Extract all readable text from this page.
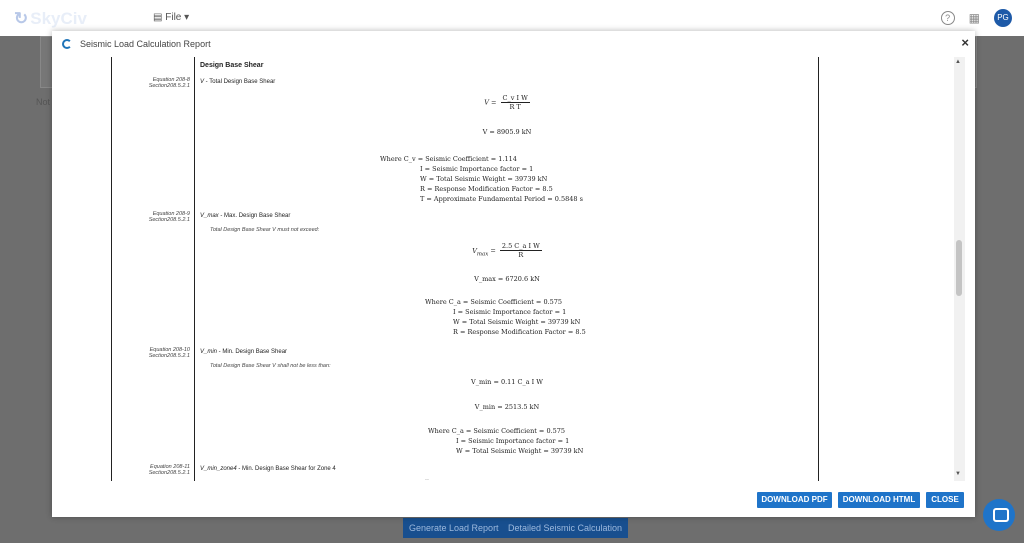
↻ SkyCiv	▤ File ▾	?	▦	PG
Not
Generate Load Report	Detailed Seismic Calculation
Seismic Load Calculation Report	×
Design Base Shear
Equation 208-8
Section208.5.2.1
V - Total Design Base Shear
$V = \frac{\text{C\_v I W}}{\text{R T}}$
V = 8905.9 kN
Where C_v = Seismic Coefficient = 1.114
I = Seismic Importance factor = 1
W = Total Seismic Weight = 39739 kN
R = Response Modification Factor = 8.5
T = Approximate Fundamental Period = 0.5848 s
Equation 208-9
Section208.5.2.1
V_max - Max. Design Base Shear
Total Design Base Shear V must not exceed:
$V_{max} = \frac{\text{2.5 C\_a I W}}{R}$
V_max = 6720.6 kN
Where C_a = Seismic Coefficient = 0.575
I = Seismic Importance factor = 1
W = Total Seismic Weight = 39739 kN
R = Response Modification Factor = 8.5
Equation 208-10
Section208.5.2.1
V_min - Min. Design Base Shear
Total Design Base Shear V shall not be less than:
V_min = 0.11 C_a I W
V_min = 2513.5 kN
Where C_a = Seismic Coefficient = 0.575
I = Seismic Importance factor = 1
W = Total Seismic Weight = 39739 kN
Equation 208-11
Section208.5.2.1
V_min_zone4 - Min. Design Base Shear for Zone 4
..
▲
▼
DOWNLOAD PDF	DOWNLOAD HTML	CLOSE
